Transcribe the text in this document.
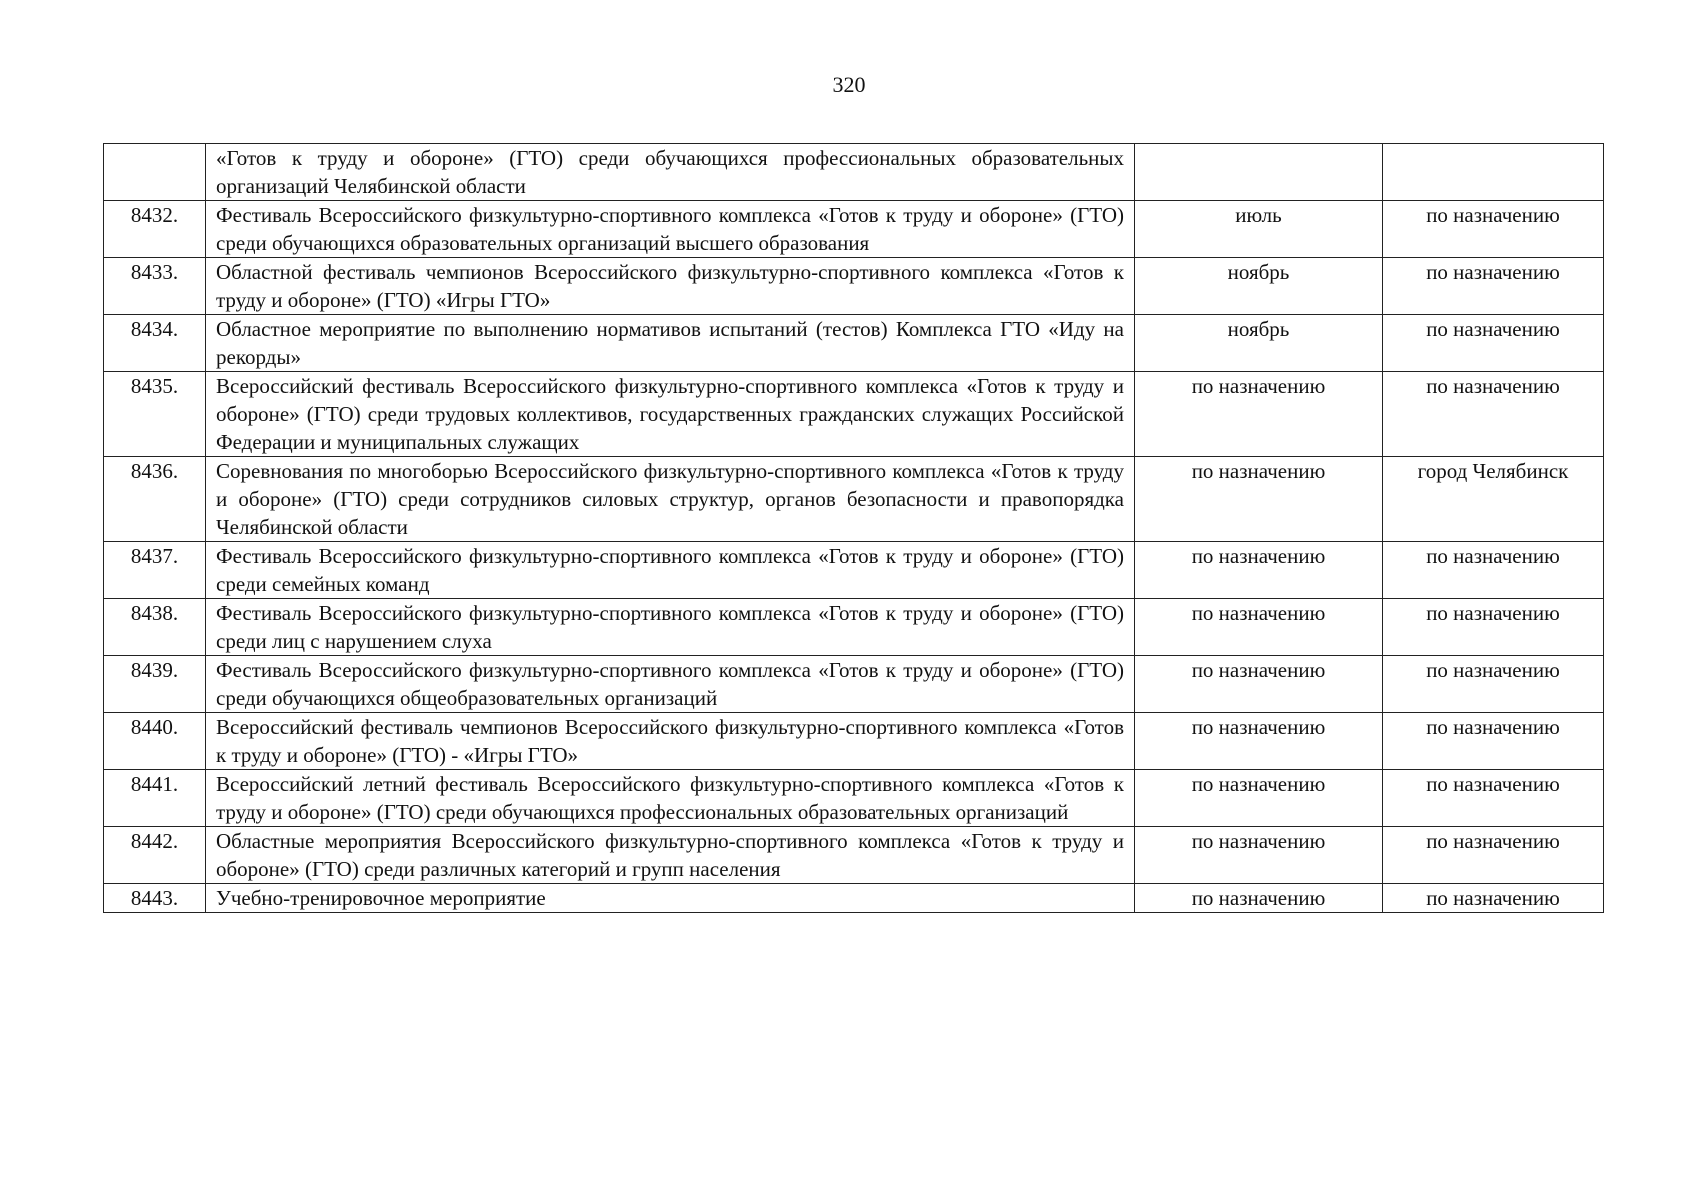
320
	«Готов к труду и обороне» (ГТО) среди обучающихся профессиональных образовательных организаций Челябинской области		
8432.	Фестиваль Всероссийского физкультурно-спортивного комплекса «Готов к труду и обороне» (ГТО) среди обучающихся образовательных организаций высшего образования	июль	по назначению
8433.	Областной фестиваль чемпионов Всероссийского физкультурно-спортивного комплекса «Готов к труду и обороне» (ГТО) «Игры ГТО»	ноябрь	по назначению
8434.	Областное мероприятие по выполнению нормативов испытаний (тестов) Комплекса ГТО «Иду на рекорды»	ноябрь	по назначению
8435.	Всероссийский фестиваль Всероссийского физкультурно-спортивного комплекса «Готов к труду и обороне» (ГТО) среди трудовых коллективов, государственных гражданских служащих Российской Федерации и муниципальных служащих	по назначению	по назначению
8436.	Соревнования по многоборью Всероссийского физкультурно-спортивного комплекса «Готов к труду и обороне» (ГТО) среди сотрудников силовых структур, органов безопасности и правопорядка Челябинской области	по назначению	город Челябинск
8437.	Фестиваль Всероссийского физкультурно-спортивного комплекса «Готов к труду и обороне» (ГТО) среди семейных команд	по назначению	по назначению
8438.	Фестиваль Всероссийского физкультурно-спортивного комплекса «Готов к труду и обороне» (ГТО) среди лиц с нарушением слуха	по назначению	по назначению
8439.	Фестиваль Всероссийского физкультурно-спортивного комплекса «Готов к труду и обороне» (ГТО) среди обучающихся общеобразовательных организаций	по назначению	по назначению
8440.	Всероссийский фестиваль чемпионов Всероссийского физкультурно-спортивного комплекса «Готов к труду и обороне» (ГТО) - «Игры ГТО»	по назначению	по назначению
8441.	Всероссийский летний фестиваль Всероссийского физкультурно-спортивного комплекса «Готов к труду и обороне» (ГТО) среди обучающихся профессиональных образовательных организаций	по назначению	по назначению
8442.	Областные мероприятия Всероссийского физкультурно-спортивного комплекса «Готов к труду и обороне» (ГТО) среди различных категорий и групп населения	по назначению	по назначению
8443.	Учебно-тренировочное мероприятие	по назначению	по назначению
